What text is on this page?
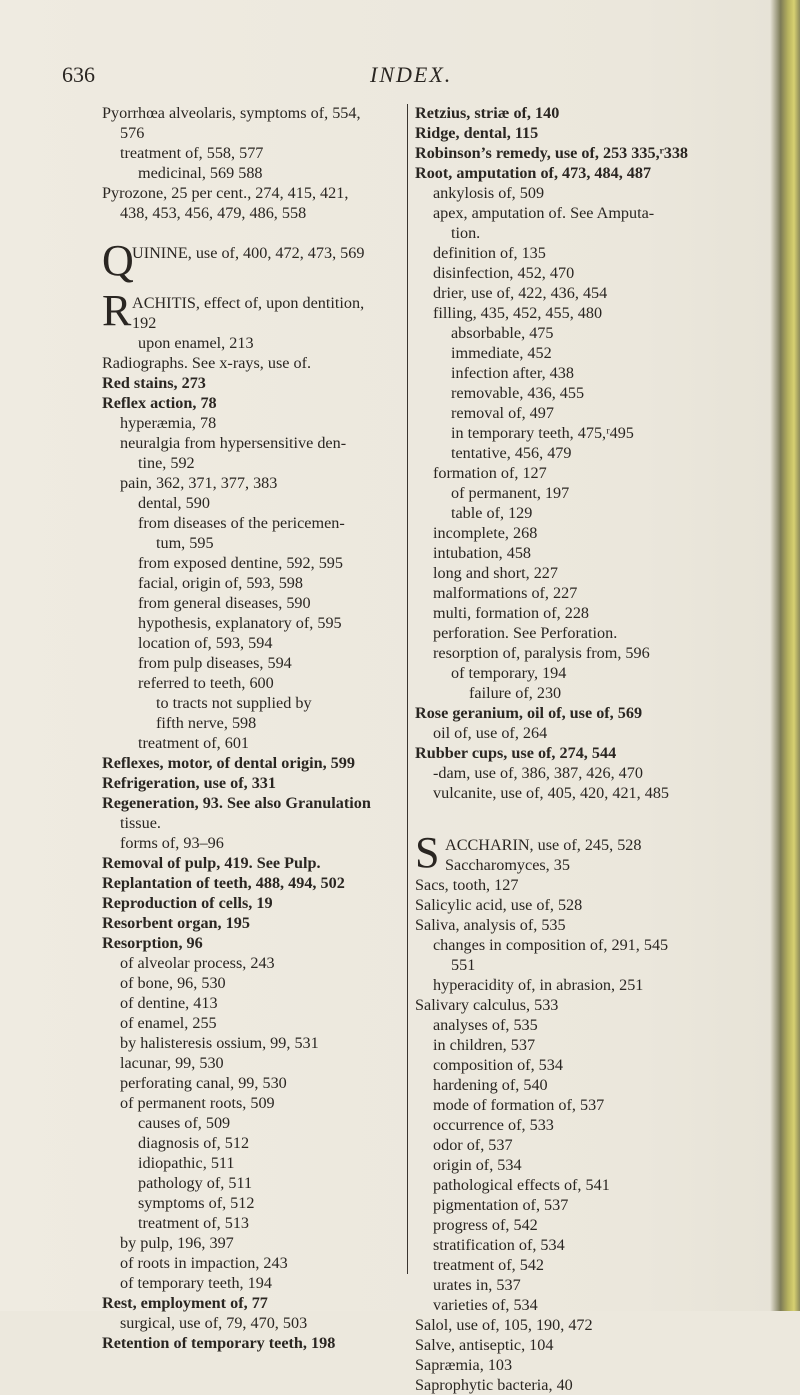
636	INDEX.
Pyorrhœa alveolaris, symptoms of, 554,
576
treatment of, 558, 577
medicinal, 569 588
Pyrozone, 25 per cent., 274, 415, 421,
438, 453, 456, 479, 486, 558
Q
UININE, use of, 400, 472, 473, 569
R ACHITIS, effect of, upon dentition,
192
upon enamel, 213
Radiographs. See x-rays, use of.
Red stains, 273
Reflex action, 78
hyperæmia, 78
neuralgia from hypersensitive den-
tine, 592
pain, 362, 371, 377, 383
dental, 590
from diseases of the pericemen-
tum, 595
from exposed dentine, 592, 595
facial, origin of, 593, 598
from general diseases, 590
hypothesis, explanatory of, 595
location of, 593, 594
from pulp diseases, 594
referred to teeth, 600
to tracts not supplied by
fifth nerve, 598
treatment of, 601
Reflexes, motor, of dental origin, 599
Refrigeration, use of, 331
Regeneration, 93. See also Granulation
tissue.
forms of, 93–96
Removal of pulp, 419. See Pulp.
Replantation of teeth, 488, 494, 502
Reproduction of cells, 19
Resorbent organ, 195
Resorption, 96
of alveolar process, 243
of bone, 96, 530
of dentine, 413
of enamel, 255
by halisteresis ossium, 99, 531
lacunar, 99, 530
perforating canal, 99, 530
of permanent roots, 509
causes of, 509
diagnosis of, 512
idiopathic, 511
pathology of, 511
symptoms of, 512
treatment of, 513
by pulp, 196, 397
of roots in impaction, 243
of temporary teeth, 194
Rest, employment of, 77
surgical, use of, 79, 470, 503
Retention of temporary teeth, 198
Retzius, striæ of, 140
Ridge, dental, 115
Robinson’s remedy, use of, 253 335,ʳ338
Root, amputation of, 473, 484, 487
ankylosis of, 509
apex, amputation of. See Amputa-
tion.
definition of, 135
disinfection, 452, 470
drier, use of, 422, 436, 454
filling, 435, 452, 455, 480
absorbable, 475
immediate, 452
infection after, 438
removable, 436, 455
removal of, 497
in temporary teeth, 475,ʳ495
tentative, 456, 479
formation of, 127
of permanent, 197
table of, 129
incomplete, 268
intubation, 458
long and short, 227
malformations of, 227
multi, formation of, 228
perforation. See Perforation.
resorption of, paralysis from, 596
of temporary, 194
failure of, 230
Rose geranium, oil of, use of, 569
oil of, use of, 264
Rubber cups, use of, 274, 544
-dam, use of, 386, 387, 426, 470
vulcanite, use of, 405, 420, 421, 485
S ACCHARIN, use of, 245, 528
Saccharomyces, 35
Sacs, tooth, 127
Salicylic acid, use of, 528
Saliva, analysis of, 535
changes in composition of, 291, 545
551
hyperacidity of, in abrasion, 251
Salivary calculus, 533
analyses of, 535
in children, 537
composition of, 534
hardening of, 540
mode of formation of, 537
occurrence of, 533
odor of, 537
origin of, 534
pathological effects of, 541
pigmentation of, 537
progress of, 542
stratification of, 534
treatment of, 542
urates in, 537
varieties of, 534
Salol, use of, 105, 190, 472
Salve, antiseptic, 104
Sapræmia, 103
Saprophytic bacteria, 40
